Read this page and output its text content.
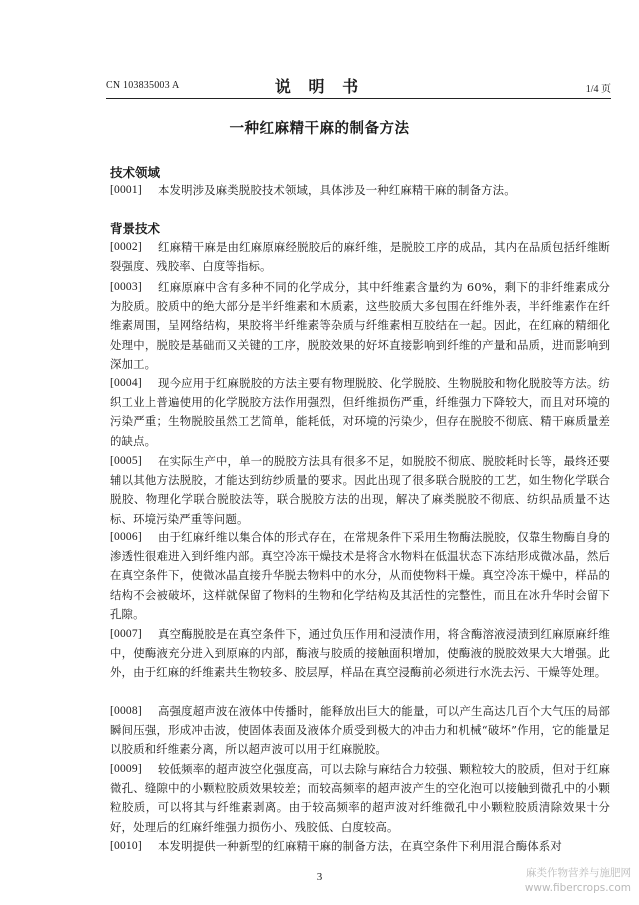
CN 103835003 A	说 明 书	1/4 页
一种红麻精干麻的制备方法
技术领域
[0001]	本发明涉及麻类脱胶技术领域，具体涉及一种红麻精干麻的制备方法。
背景技术
[0002]	红麻精干麻是由红麻原麻经脱胶后的麻纤维，是脱胶工序的成品，其内在品质包括纤维断裂强度、残胶率、白度等指标。
[0003]	红麻原麻中含有多种不同的化学成分，其中纤维素含量约为 60%，剩下的非纤维素成分为胶质。胶质中的绝大部分是半纤维素和木质素，这些胶质大多包围在纤维外表，半纤维素作在纤维素周围，呈网络结构，果胶将半纤维素等杂质与纤维素相互胶结在一起。因此，在红麻的精细化处理中，脱胶是基础而又关键的工序，脱胶效果的好坏直接影响到纤维的产量和品质，进而影响到深加工。
[0004]	现今应用于红麻脱胶的方法主要有物理脱胶、化学脱胶、生物脱胶和物化脱胶等方法。纺织工业上普遍使用的化学脱胶方法作用强烈，但纤维损伤严重，纤维强力下降较大，而且对环境的污染严重；生物脱胶虽然工艺简单，能耗低，对环境的污染少，但存在脱胶不彻底、精干麻质量差的缺点。
[0005]	在实际生产中，单一的脱胶方法具有很多不足，如脱胶不彻底、脱胶耗时长等，最终还要辅以其他方法脱胶，才能达到纺纱质量的要求。因此出现了很多联合脱胶的工艺，如生物化学联合脱胶、物理化学联合脱胶法等，联合脱胶方法的出现，解决了麻类脱胶不彻底、纺织品质量不达标、环境污染严重等问题。
[0006]	由于红麻纤维以集合体的形式存在，在常规条件下采用生物酶法脱胶，仅靠生物酶自身的渗透性很难进入到纤维内部。真空冷冻干燥技术是将含水物料在低温状态下冻结形成微冰晶，然后在真空条件下，使微冰晶直接升华脱去物料中的水分，从而使物料干燥。真空冷冻干燥中，样品的结构不会被破坏，这样就保留了物料的生物和化学结构及其活性的完整性，而且在冰升华时会留下孔隙。
[0007]	真空酶脱胶是在真空条件下，通过负压作用和浸渍作用，将含酶溶液浸渍到红麻原麻纤维中，使酶液充分进入到原麻的内部，酶液与胶质的接触面积增加，使酶液的脱胶效果大大增强。此外，由于红麻的纤维素共生物较多、胶层厚，样品在真空浸酶前必须进行水洗去污、干燥等处理。
[0008]	高强度超声波在液体中传播时，能释放出巨大的能量，可以产生高达几百个大气压的局部瞬间压强，形成冲击波，使固体表面及液体介质受到极大的冲击力和机械“破坏”作用，它的能量足以胶质和纤维素分离，所以超声波可以用于红麻脱胶。
[0009]	较低频率的超声波空化强度高，可以去除与麻结合力较强、颗粒较大的胶质，但对于红麻微孔、缝隙中的小颗粒胶质效果较差；而较高频率的超声波产生的空化泡可以接触到微孔中的小颗粒胶质，可以将其与纤维素剥离。由于较高频率的超声波对纤维微孔中小颗粒胶质清除效果十分好，处理后的红麻纤维强力损伤小、残胶低、白度较高。
[0010]	本发明提供一种新型的红麻精干麻的制备方法，在真空条件下利用混合酶体系对
3	麻类作物营养与施肥网
www.fibercrops.com
